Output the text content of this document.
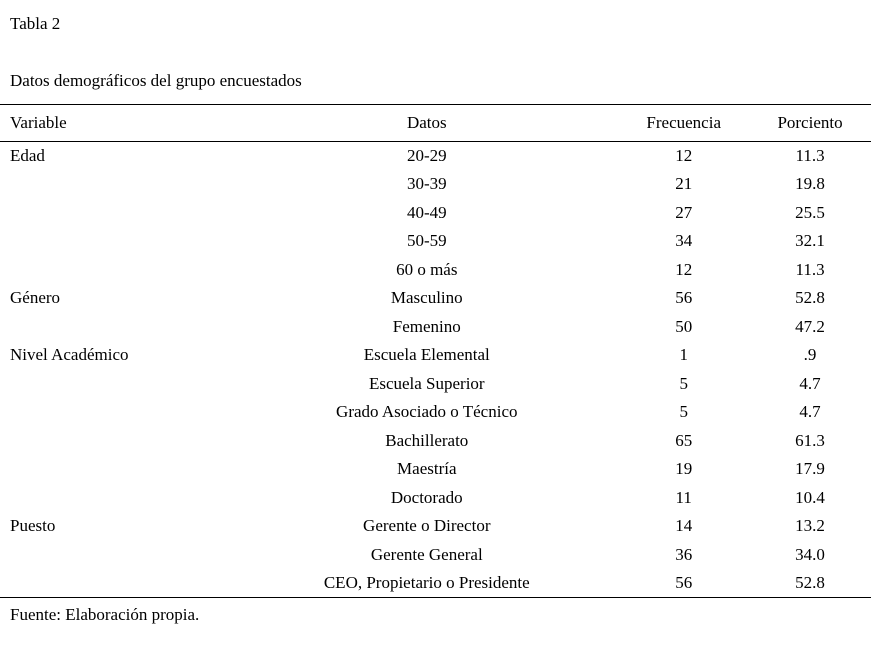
Tabla 2
Datos demográficos del grupo encuestados
Variable	Datos	Frecuencia	Porciento
Edad	20-29	12	11.3
	30-39	21	19.8
	40-49	27	25.5
	50-59	34	32.1
	60 o más	12	11.3
Género	Masculino	56	52.8
	Femenino	50	47.2
Nivel Académico	Escuela Elemental	1	.9
	Escuela Superior	5	4.7
	Grado Asociado o Técnico	5	4.7
	Bachillerato	65	61.3
	Maestría	19	17.9
	Doctorado	11	10.4
Puesto	Gerente o Director	14	13.2
	Gerente General	36	34.0
	CEO, Propietario o Presidente	56	52.8
Fuente: Elaboración propia.
